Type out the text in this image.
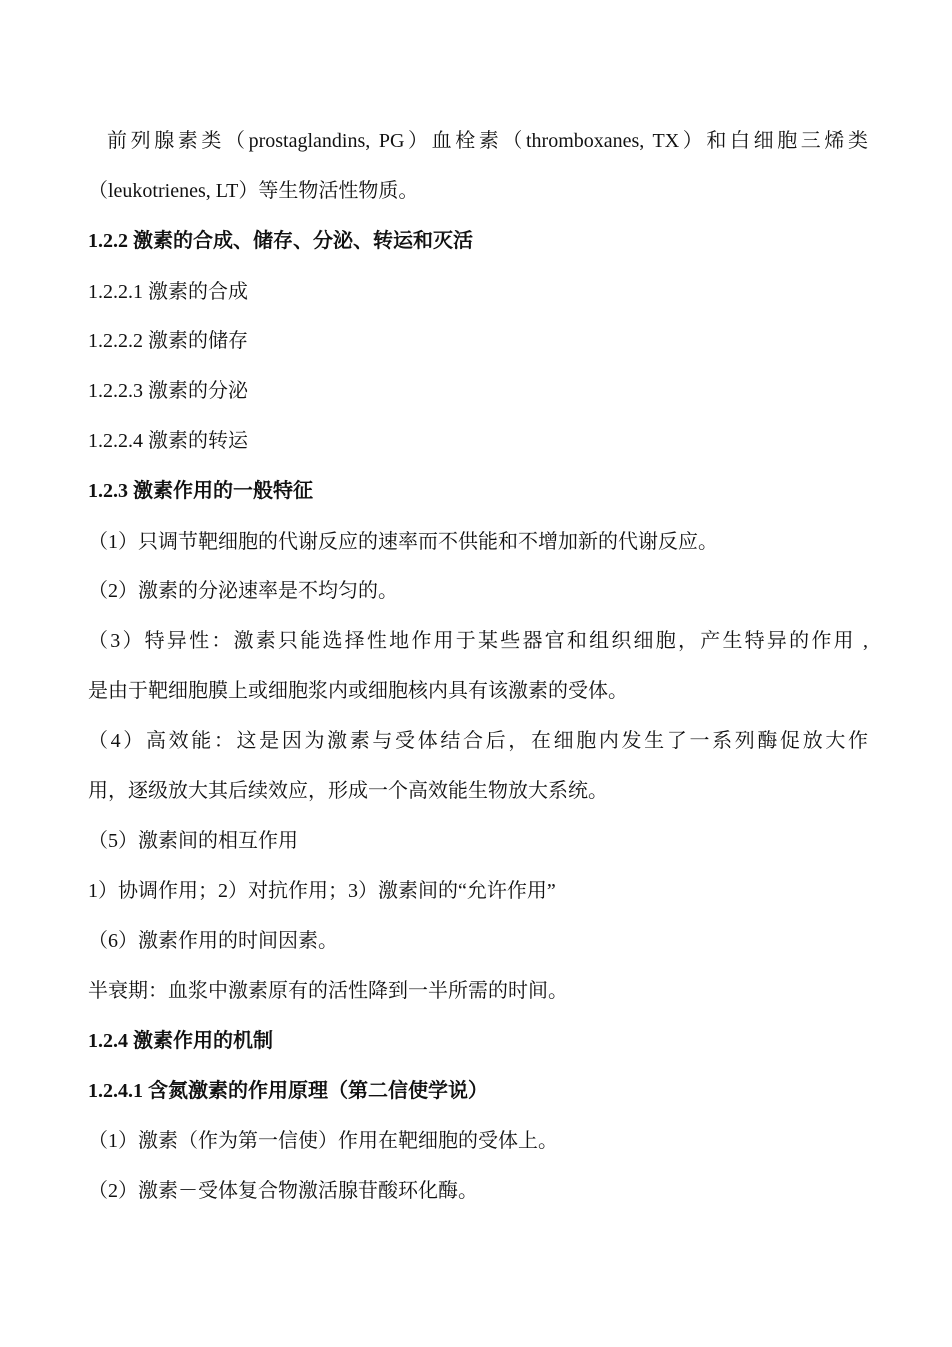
前列腺素类（prostaglandins, PG）血栓素（thromboxanes, TX）和白细胞三烯类
（leukotrienes, LT）等生物活性物质。
1.2.2 激素的合成、储存、分泌、转运和灭活
1.2.2.1 激素的合成
1.2.2.2 激素的储存
1.2.2.3 激素的分泌
1.2.2.4 激素的转运
1.2.3 激素作用的一般特征
（1）只调节靶细胞的代谢反应的速率而不供能和不增加新的代谢反应。
（2）激素的分泌速率是不均匀的。
（3）特异性：激素只能选择性地作用于某些器官和组织细胞，产生特异的作用 ,
是由于靶细胞膜上或细胞浆内或细胞核内具有该激素的受体。
（4）高效能：这是因为激素与受体结合后，在细胞内发生了一系列酶促放大作
用，逐级放大其后续效应，形成一个高效能生物放大系统。
（5）激素间的相互作用
1）协调作用；2）对抗作用；3）激素间的“允许作用”
（6）激素作用的时间因素。
半衰期：血浆中激素原有的活性降到一半所需的时间。
1.2.4 激素作用的机制
1.2.4.1 含氮激素的作用原理（第二信使学说）
（1）激素（作为第一信使）作用在靶细胞的受体上。
（2）激素－受体复合物激活腺苷酸环化酶。
